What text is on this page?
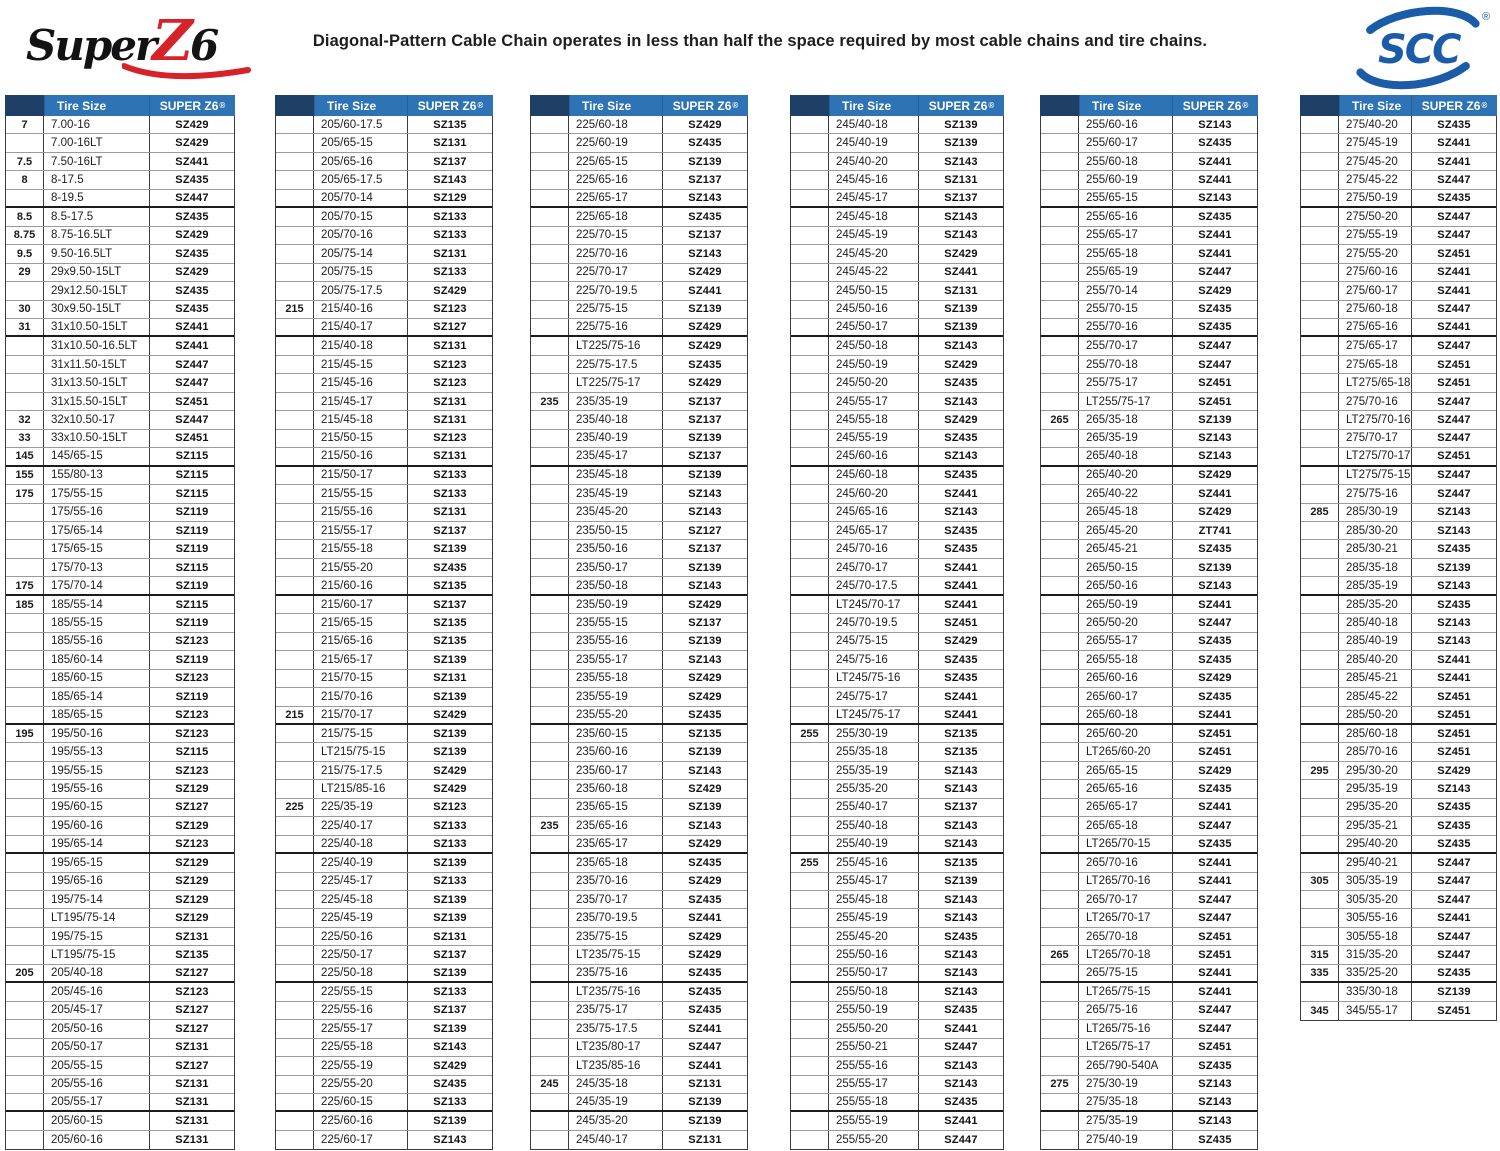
SuperZ6	Diagonal-Pattern Cable Chain operates in less than half the space required by most cable chains and tire chains.	SCC
®
Tire Size	SUPER Z6 ®
7	7.00-16	SZ429
7.00-16LT	SZ429
7.5	7.50-16LT	SZ441
8	8-17.5	SZ435
8-19.5	SZ447
8.5	8.5-17.5	SZ435
8.75	8.75-16.5LT	SZ429
9.5	9.50-16.5LT	SZ435
29	29x9.50-15LT	SZ429
29x12.50-15LT	SZ435
30	30x9.50-15LT	SZ435
31	31x10.50-15LT	SZ441
31x10.50-16.5LT	SZ441
31x11.50-15LT	SZ447
31x13.50-15LT	SZ447
31x15.50-15LT	SZ451
32	32x10.50-17	SZ447
33	33x10.50-15LT	SZ451
145	145/65-15	SZ115
155	155/80-13	SZ115
175	175/55-15	SZ115
175/55-16	SZ119
175/65-14	SZ119
175/65-15	SZ119
175/70-13	SZ115
175	175/70-14	SZ119
185	185/55-14	SZ115
185/55-15	SZ119
185/55-16	SZ123
185/60-14	SZ119
185/60-15	SZ123
185/65-14	SZ119
185/65-15	SZ123
195	195/50-16	SZ123
195/55-13	SZ115
195/55-15	SZ123
195/55-16	SZ129
195/60-15	SZ127
195/60-16	SZ129
195/65-14	SZ123
195/65-15	SZ129
195/65-16	SZ129
195/75-14	SZ129
LT195/75-14	SZ129
195/75-15	SZ131
LT195/75-15	SZ135
205	205/40-18	SZ127
205/45-16	SZ123
205/45-17	SZ127
205/50-16	SZ127
205/50-17	SZ131
205/55-15	SZ127
205/55-16	SZ131
205/55-17	SZ131
205/60-15	SZ131
205/60-16	SZ131
Tire Size	SUPER Z6 ®
205/60-17.5	SZ135
205/65-15	SZ131
205/65-16	SZ137
205/65-17.5	SZ143
205/70-14	SZ129
205/70-15	SZ133
205/70-16	SZ133
205/75-14	SZ131
205/75-15	SZ133
205/75-17.5	SZ429
215	215/40-16	SZ123
215/40-17	SZ127
215/40-18	SZ131
215/45-15	SZ123
215/45-16	SZ123
215/45-17	SZ131
215/45-18	SZ131
215/50-15	SZ123
215/50-16	SZ131
215/50-17	SZ133
215/55-15	SZ133
215/55-16	SZ131
215/55-17	SZ137
215/55-18	SZ139
215/55-20	SZ435
215/60-16	SZ135
215/60-17	SZ137
215/65-15	SZ135
215/65-16	SZ135
215/65-17	SZ139
215/70-15	SZ131
215/70-16	SZ139
215	215/70-17	SZ429
215/75-15	SZ139
LT215/75-15	SZ139
215/75-17.5	SZ429
LT215/85-16	SZ429
225	225/35-19	SZ123
225/40-17	SZ133
225/40-18	SZ133
225/40-19	SZ139
225/45-17	SZ133
225/45-18	SZ139
225/45-19	SZ139
225/50-16	SZ131
225/50-17	SZ137
225/50-18	SZ139
225/55-15	SZ133
225/55-16	SZ137
225/55-17	SZ139
225/55-18	SZ143
225/55-19	SZ429
225/55-20	SZ435
225/60-15	SZ133
225/60-16	SZ139
225/60-17	SZ143
Tire Size	SUPER Z6 ®
225/60-18	SZ429
225/60-19	SZ435
225/65-15	SZ139
225/65-16	SZ137
225/65-17	SZ143
225/65-18	SZ435
225/70-15	SZ137
225/70-16	SZ143
225/70-17	SZ429
225/70-19.5	SZ441
225/75-15	SZ139
225/75-16	SZ429
LT225/75-16	SZ429
225/75-17.5	SZ435
LT225/75-17	SZ429
235	235/35-19	SZ137
235/40-18	SZ137
235/40-19	SZ139
235/45-17	SZ137
235/45-18	SZ139
235/45-19	SZ143
235/45-20	SZ143
235/50-15	SZ127
235/50-16	SZ137
235/50-17	SZ139
235/50-18	SZ143
235/50-19	SZ429
235/55-15	SZ137
235/55-16	SZ139
235/55-17	SZ143
235/55-18	SZ429
235/55-19	SZ429
235/55-20	SZ435
235/60-15	SZ135
235/60-16	SZ139
235/60-17	SZ143
235/60-18	SZ429
235/65-15	SZ139
235	235/65-16	SZ143
235/65-17	SZ429
235/65-18	SZ435
235/70-16	SZ429
235/70-17	SZ435
235/70-19.5	SZ441
235/75-15	SZ429
LT235/75-15	SZ429
235/75-16	SZ435
LT235/75-16	SZ435
235/75-17	SZ435
235/75-17.5	SZ441
LT235/80-17	SZ447
LT235/85-16	SZ441
245	245/35-18	SZ131
245/35-19	SZ139
245/35-20	SZ139
245/40-17	SZ131
Tire Size	SUPER Z6 ®
245/40-18	SZ139
245/40-19	SZ139
245/40-20	SZ143
245/45-16	SZ131
245/45-17	SZ137
245/45-18	SZ143
245/45-19	SZ143
245/45-20	SZ429
245/45-22	SZ441
245/50-15	SZ131
245/50-16	SZ139
245/50-17	SZ139
245/50-18	SZ143
245/50-19	SZ429
245/50-20	SZ435
245/55-17	SZ143
245/55-18	SZ429
245/55-19	SZ435
245/60-16	SZ143
245/60-18	SZ435
245/60-20	SZ441
245/65-16	SZ143
245/65-17	SZ435
245/70-16	SZ435
245/70-17	SZ441
245/70-17.5	SZ441
LT245/70-17	SZ441
245/70-19.5	SZ451
245/75-15	SZ429
245/75-16	SZ435
LT245/75-16	SZ435
245/75-17	SZ441
LT245/75-17	SZ441
255	255/30-19	SZ135
255/35-18	SZ135
255/35-19	SZ143
255/35-20	SZ143
255/40-17	SZ137
255/40-18	SZ143
255/40-19	SZ143
255	255/45-16	SZ135
255/45-17	SZ139
255/45-18	SZ143
255/45-19	SZ143
255/45-20	SZ435
255/50-16	SZ143
255/50-17	SZ143
255/50-18	SZ143
255/50-19	SZ435
255/50-20	SZ441
255/50-21	SZ447
255/55-16	SZ143
255/55-17	SZ143
255/55-18	SZ435
255/55-19	SZ441
255/55-20	SZ447
Tire Size	SUPER Z6 ®
255/60-16	SZ143
255/60-17	SZ435
255/60-18	SZ441
255/60-19	SZ441
255/65-15	SZ143
255/65-16	SZ435
255/65-17	SZ441
255/65-18	SZ441
255/65-19	SZ447
255/70-14	SZ429
255/70-15	SZ435
255/70-16	SZ435
255/70-17	SZ447
255/70-18	SZ447
255/75-17	SZ451
LT255/75-17	SZ451
265	265/35-18	SZ139
265/35-19	SZ143
265/40-18	SZ143
265/40-20	SZ429
265/40-22	SZ441
265/45-18	SZ429
265/45-20	ZT741
265/45-21	SZ435
265/50-15	SZ139
265/50-16	SZ143
265/50-19	SZ441
265/50-20	SZ447
265/55-17	SZ435
265/55-18	SZ435
265/60-16	SZ429
265/60-17	SZ435
265/60-18	SZ441
265/60-20	SZ451
LT265/60-20	SZ451
265/65-15	SZ429
265/65-16	SZ435
265/65-17	SZ441
265/65-18	SZ447
LT265/70-15	SZ435
265/70-16	SZ441
LT265/70-16	SZ441
265/70-17	SZ447
LT265/70-17	SZ447
265/70-18	SZ451
265	LT265/70-18	SZ451
265/75-15	SZ441
LT265/75-15	SZ441
265/75-16	SZ447
LT265/75-16	SZ447
LT265/75-17	SZ451
265/790-540A	SZ435
275	275/30-19	SZ143
275/35-18	SZ143
275/35-19	SZ143
275/40-19	SZ435
Tire Size	SUPER Z6 ®
275/40-20	SZ435
275/45-19	SZ441
275/45-20	SZ441
275/45-22	SZ447
275/50-19	SZ435
275/50-20	SZ447
275/55-19	SZ447
275/55-20	SZ451
275/60-16	SZ441
275/60-17	SZ441
275/60-18	SZ447
275/65-16	SZ441
275/65-17	SZ447
275/65-18	SZ451
LT275/65-18	SZ451
275/70-16	SZ447
LT275/70-16	SZ447
275/70-17	SZ447
LT275/70-17	SZ451
LT275/75-15	SZ447
275/75-16	SZ447
285	285/30-19	SZ143
285/30-20	SZ143
285/30-21	SZ435
285/35-18	SZ139
285/35-19	SZ143
285/35-20	SZ435
285/40-18	SZ143
285/40-19	SZ143
285/40-20	SZ441
285/45-21	SZ441
285/45-22	SZ451
285/50-20	SZ451
285/60-18	SZ451
285/70-16	SZ451
295	295/30-20	SZ429
295/35-19	SZ143
295/35-20	SZ435
295/35-21	SZ435
295/40-20	SZ435
295/40-21	SZ447
305	305/35-19	SZ447
305/35-20	SZ447
305/55-16	SZ441
305/55-18	SZ447
315	315/35-20	SZ447
335	335/25-20	SZ435
335/30-18	SZ139
345	345/55-17	SZ451
